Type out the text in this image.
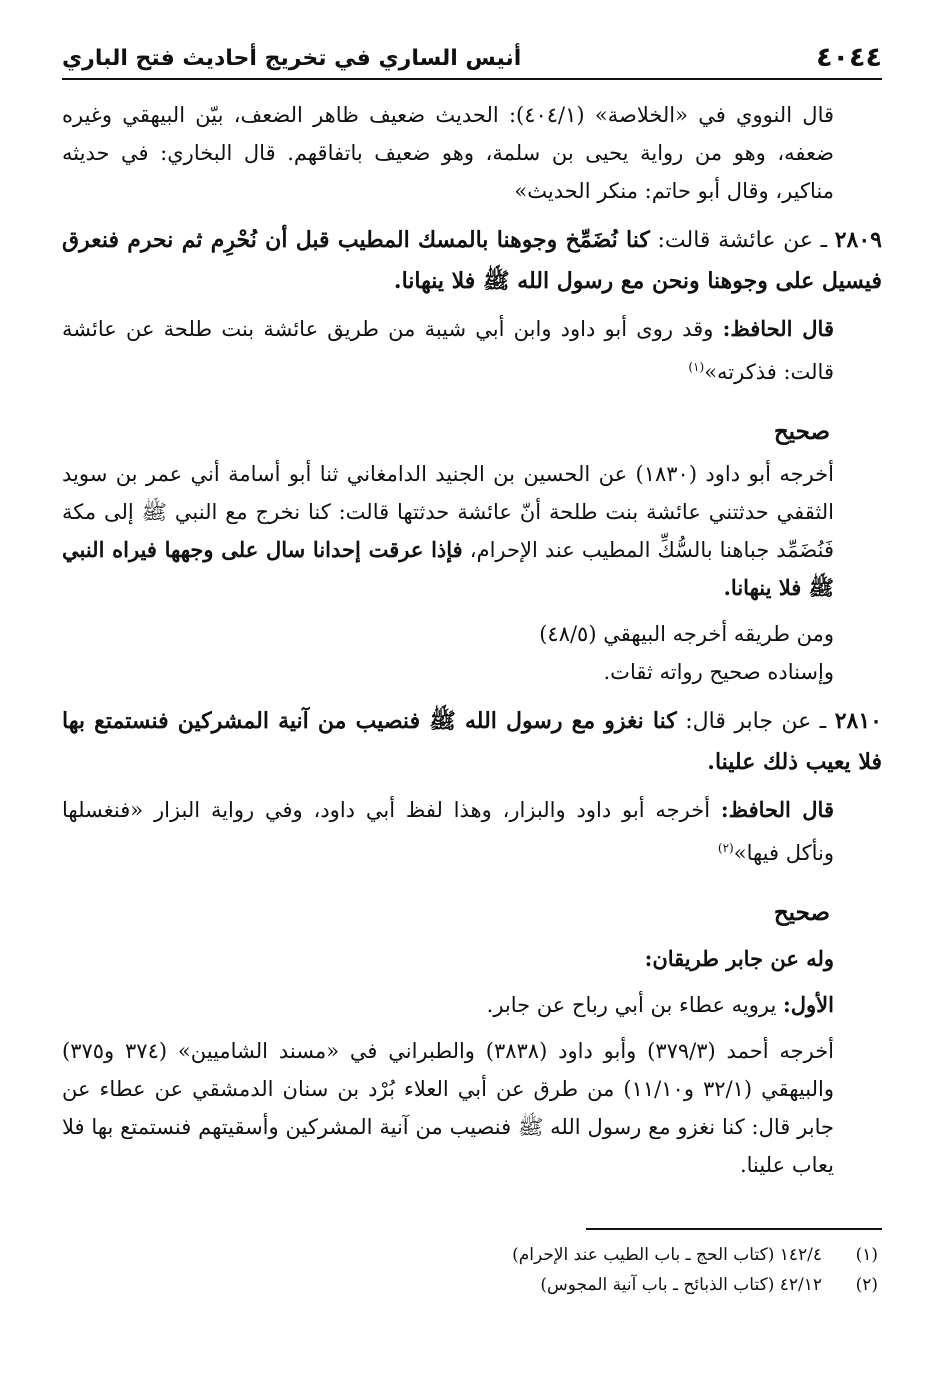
٤٠٤٤
أنيس الساري في تخريج أحاديث فتح الباري

قال النووي في «الخلاصة» (٤٠٤/١): الحديث ضعيف ظاهر الضعف، بيّن البيهقي وغيره ضعفه، وهو من رواية يحيى بن سلمة، وهو ضعيف باتفاقهم. قال البخاري: في حديثه مناكير، وقال أبو حاتم: منكر الحديث»

٢٨٠٩ ـ عن عائشة قالت: كنا نُضَمِّخ وجوهنا بالمسك المطيب قبل أن نُحْرِم ثم نحرم فنعرق فيسيل على وجوهنا ونحن مع رسول الله ﷺ فلا ينهانا.

قال الحافظ: وقد روى أبو داود وابن أبي شيبة من طريق عائشة بنت طلحة عن عائشة قالت: فذكرته»$^{(١)}$

صحيح

أخرجه أبو داود (١٨٣٠) عن الحسين بن الجنيد الدامغاني ثنا أبو أسامة أني عمر بن سويد الثقفي حدثتني عائشة بنت طلحة أنّ عائشة حدثتها قالت: كنا نخرج مع النبي ﷺ إلى مكة فَنُضَمِّد جباهنا بالسُّكِّ المطيب عند الإحرام، فإذا عرقت إحدانا سال على وجهها فيراه النبي ﷺ فلا ينهانا.

ومن طريقه أخرجه البيهقي (٤٨/٥)

وإسناده صحيح رواته ثقات.

٢٨١٠ ـ عن جابر قال: كنا نغزو مع رسول الله ﷺ فنصيب من آنية المشركين فنستمتع بها فلا يعيب ذلك علينا.

قال الحافظ: أخرجه أبو داود والبزار، وهذا لفظ أبي داود، وفي رواية البزار «فنغسلها ونأكل فيها»$^{(٢)}$

صحيح

وله عن جابر طريقان:

الأول: يرويه عطاء بن أبي رباح عن جابر.

أخرجه أحمد (٣٧٩/٣) وأبو داود (٣٨٣٨) والطبراني في «مسند الشاميين» (٣٧٤ و٣٧٥) والبيهقي (٣٢/١ و١١/١٠) من طرق عن أبي العلاء بُرْد بن سنان الدمشقي عن عطاء عن جابر قال: كنا نغزو مع رسول الله ﷺ فنصيب من آنية المشركين وأسقيتهم فنستمتع بها فلا يعاب علينا.

(١)١٤٢/٤ (كتاب الحج ـ باب الطيب عند الإحرام)
(٢)٤٢/١٢ (كتاب الذبائح ـ باب آنية المجوس)
